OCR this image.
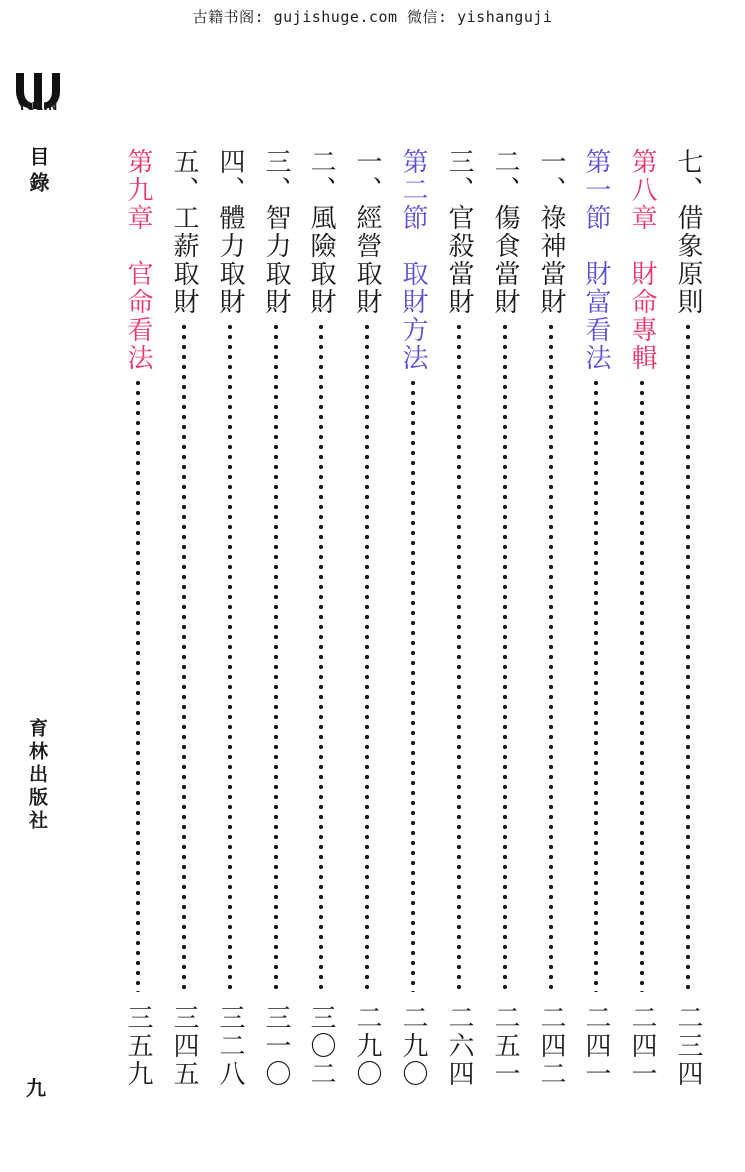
古籍书阁: gujishuge.com 微信: yishanguji
YULIN
目錄
育林出版社
九
七、借象原則
二三四
第八章　財命專輯
二四一
第一節　財富看法
二四一
一、祿神當財
二四二
二、傷食當財
二五一
三、官殺當財
二六四
第二節　取財方法
二九〇
一、經營取財
二九〇
二、風險取財
三〇二
三、智力取財
三一〇
四、體力取財
三二八
五、工薪取財
三四五
第九章　官命看法
三五九
